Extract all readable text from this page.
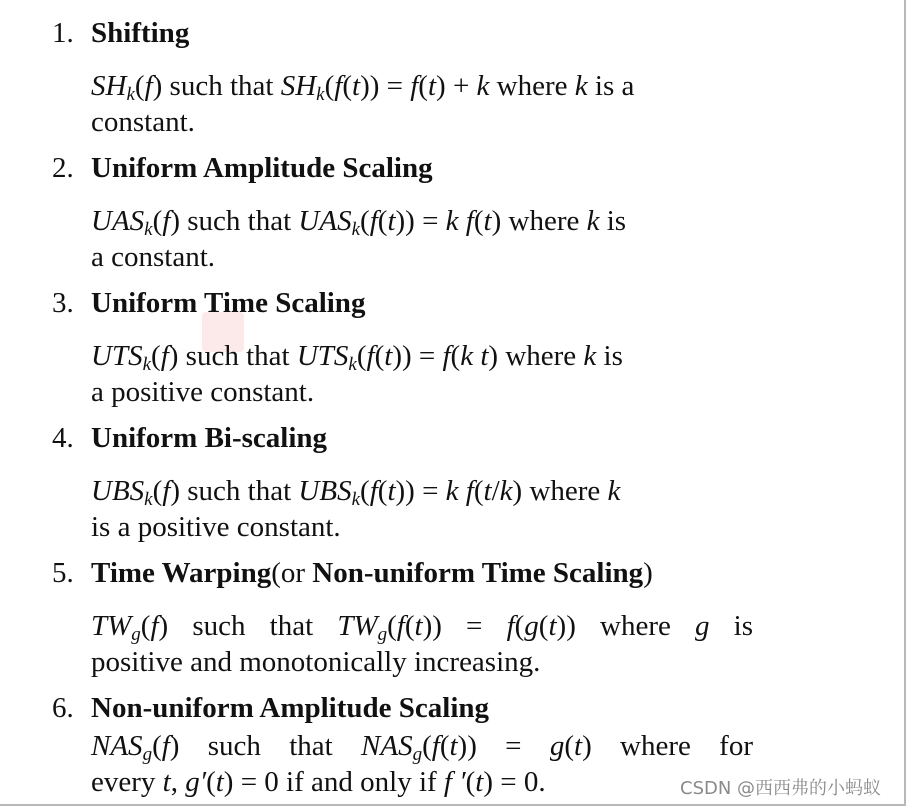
1. Shifting
$SH_k(f)$ such that $SH_k(f(t)) = f(t) + k$ where k is a
constant.
2. Uniform Amplitude Scaling
$UAS_k(f)$ such that $UAS_k(f(t)) = k$ f(t) where k is
a constant.
3. Uniform Time Scaling
$UTS_k(f)$ such that $UTS_k(f(t)) = f(k$ t) where k is
a positive constant.
4. Uniform Bi-scaling
$UBS_k(f)$ such that $UBS_k(f(t)) = k$ f(t/k) where k
is a positive constant.
5. Time Warping(or Non-uniform Time Scaling)
$TW_g(f)$ such that $TW_g(f(t)) = f(g(t))$ where g is
positive and monotonically increasing.
6. Non-uniform Amplitude Scaling
$NAS_g(f)$ such that $NAS_g(f(t)) = g(t)$ where for
every t, g′(t) = 0 if and only if f ′(t) = 0.	CSDN @西西弗的小蚂蚁
